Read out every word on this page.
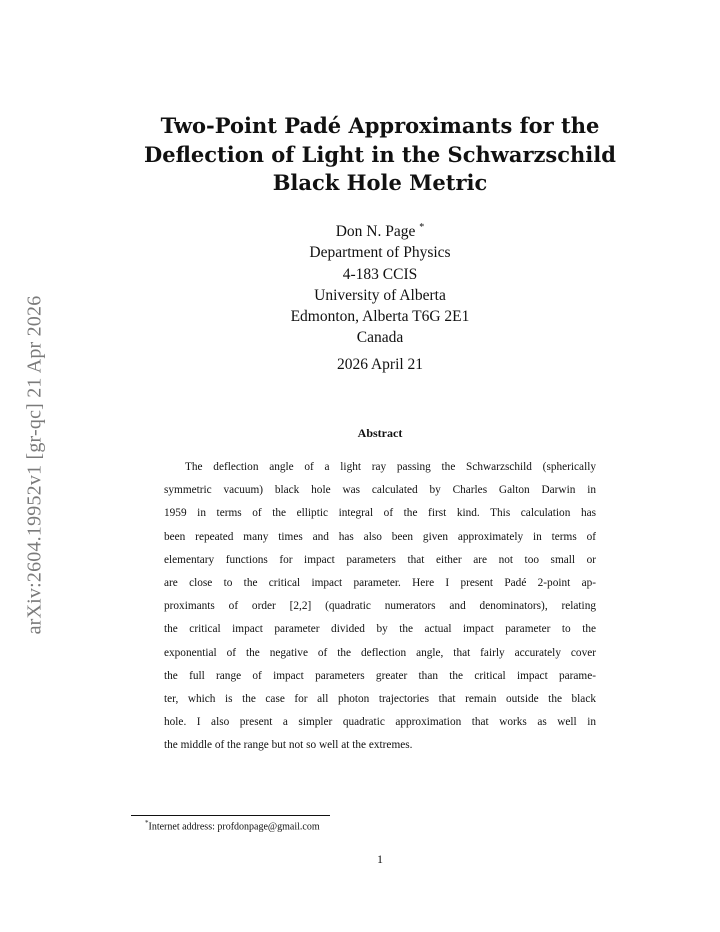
arXiv:2604.19952v1 [gr-qc] 21 Apr 2026
Two-Point Padé Approximants for the
Deflection of Light in the Schwarzschild
Black Hole Metric
Don N. Page *
Department of Physics
4-183 CCIS
University of Alberta
Edmonton, Alberta T6G 2E1
Canada
2026 April 21
Abstract
The deflection angle of a light ray passing the Schwarzschild (spherically
symmetric vacuum) black hole was calculated by Charles Galton Darwin in
1959 in terms of the elliptic integral of the first kind. This calculation has
been repeated many times and has also been given approximately in terms of
elementary functions for impact parameters that either are not too small or
are close to the critical impact parameter. Here I present Padé 2-point ap-
proximants of order [2,2] (quadratic numerators and denominators), relating
the critical impact parameter divided by the actual impact parameter to the
exponential of the negative of the deflection angle, that fairly accurately cover
the full range of impact parameters greater than the critical impact parame-
ter, which is the case for all photon trajectories that remain outside the black
hole. I also present a simpler quadratic approximation that works as well in
the middle of the range but not so well at the extremes.
*Internet address: profdonpage@gmail.com
1
